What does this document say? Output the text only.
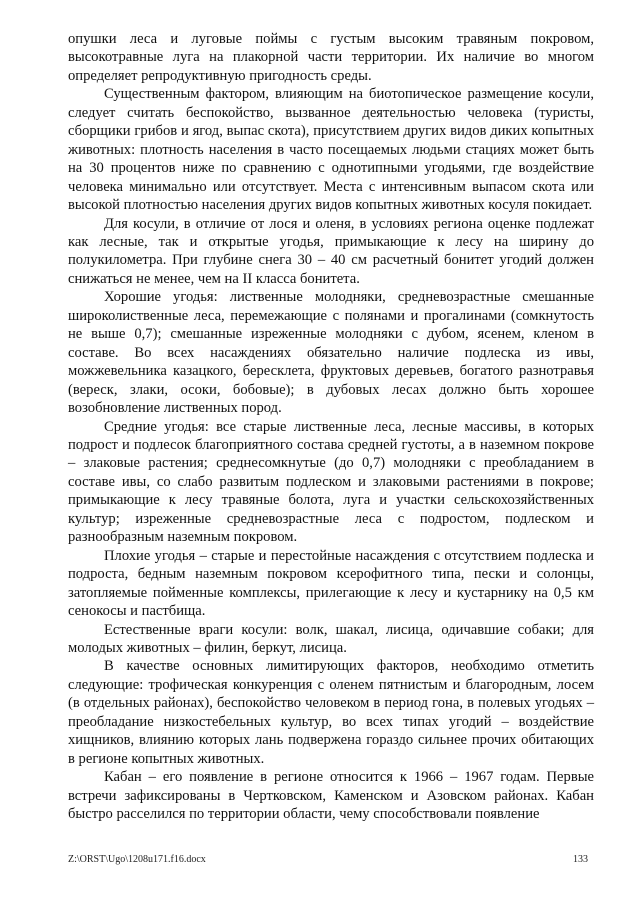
опушки леса и луговые поймы с густым высоким травяным покровом, высокотравные луга на плакорной части территории. Их наличие во многом определяет репродуктивную пригодность среды.

Существенным фактором, влияющим на биотопическое размещение косули, следует считать беспокойство, вызванное деятельностью человека (туристы, сборщики грибов и ягод, выпас скота), присутствием других видов диких копытных животных: плотность населения в часто посещаемых людьми стациях может быть на 30 процентов ниже по сравнению с однотипными угодьями, где воздействие человека минимально или отсутствует. Места с интенсивным выпасом скота или высокой плотностью населения других видов копытных животных косуля покидает.

Для косули, в отличие от лося и оленя, в условиях региона оценке подлежат как лесные, так и открытые угодья, примыкающие к лесу на ширину до полукилометра. При глубине снега 30 – 40 см расчетный бонитет угодий должен снижаться не менее, чем на II класса бонитета.

Хорошие угодья: лиственные молодняки, средневозрастные смешанные широколиственные леса, перемежающие с полянами и прогалинами (сомкнутость не выше 0,7); смешанные изреженные молодняки с дубом, ясенем, кленом в составе. Во всех насаждениях обязательно наличие подлеска из ивы, можжевельника казацкого, бересклета, фруктовых деревьев, богатого разнотравья (вереск, злаки, осоки, бобовые); в дубовых лесах должно быть хорошее возобновление лиственных пород.

Средние угодья: все старые лиственные леса, лесные массивы, в которых подрост и подлесок благоприятного состава средней густоты, а в наземном покрове – злаковые растения; среднесомкнутые (до 0,7) молодняки с преобладанием в составе ивы, со слабо развитым подлеском и злаковыми растениями в покрове; примыкающие к лесу травяные болота, луга и участки сельскохозяйственных культур; изреженные средневозрастные леса с подростом, подлеском и разнообразным наземным покровом.

Плохие угодья – старые и перестойные насаждения с отсутствием подлеска и подроста, бедным наземным покровом ксерофитного типа, пески и солонцы, затопляемые пойменные комплексы, прилегающие к лесу и кустарнику на 0,5 км сенокосы и пастбища.

Естественные враги косули: волк, шакал, лисица, одичавшие собаки; для молодых животных – филин, беркут, лисица.

В качестве основных лимитирующих факторов, необходимо отметить следующие: трофическая конкуренция с оленем пятнистым и благородным, лосем (в отдельных районах), беспокойство человеком в период гона, в полевых угодьях – преобладание низкостебельных культур, во всех типах угодий – воздействие хищников, влиянию которых лань подвержена гораздо сильнее прочих обитающих в регионе копытных животных.

Кабан – его появление в регионе относится к 1966 – 1967 годам. Первые встречи зафиксированы в Чертковском, Каменском и Азовском районах. Кабан быстро расселился по территории области, чему способствовали появление

Z:\ORST\Ugo\1208u171.f16.docx	133
